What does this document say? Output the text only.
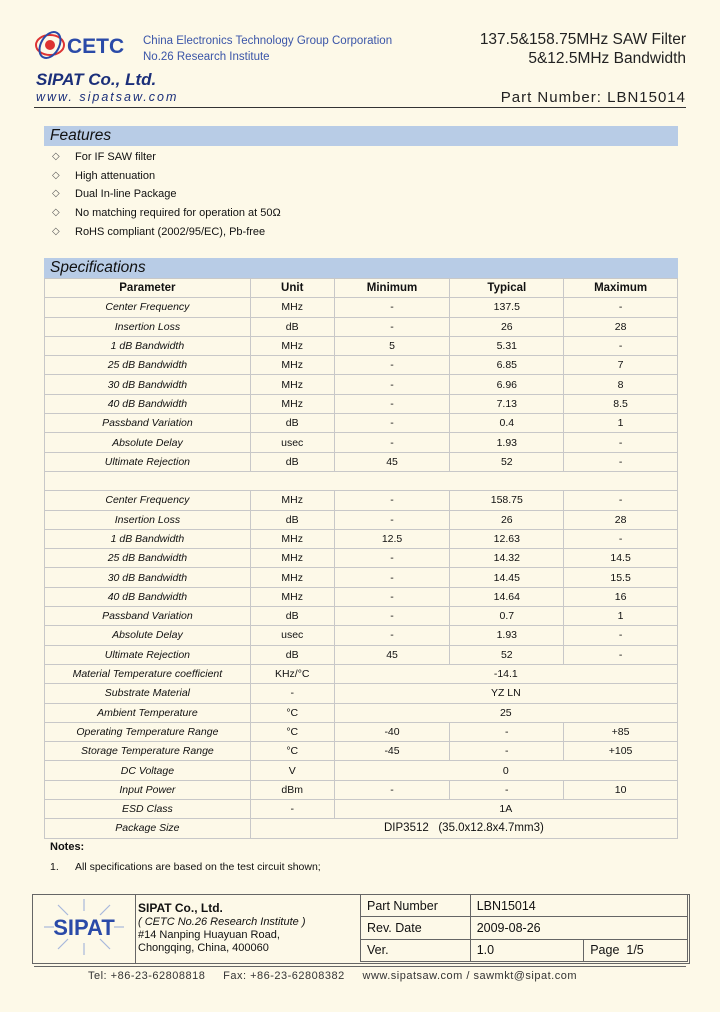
CETC China Electronics Technology Group Corporation
No.26 Research Institute
137.5&158.75MHz SAW Filter
5&12.5MHz Bandwidth
SIPAT Co., Ltd.
www. sipatsaw.com	Part Number: LBN15014
Features
◇ For IF SAW filter
◇ High attenuation
◇ Dual In-line Package
◇ No matching required for operation at 50Ω
◇ RoHS compliant (2002/95/EC), Pb-free
Specifications
Parameter	Unit	Minimum	Typical	Maximum
Center Frequency	MHz	-	137.5	-
Insertion Loss	dB	-	26	28
1 dB Bandwidth	MHz	5	5.31	-
25 dB Bandwidth	MHz	-	6.85	7
30 dB Bandwidth	MHz	-	6.96	8
40 dB Bandwidth	MHz	-	7.13	8.5
Passband Variation	dB	-	0.4	1
Absolute Delay	usec	-	1.93	-
Ultimate Rejection	dB	45	52	-

Center Frequency	MHz	-	158.75	-
Insertion Loss	dB	-	26	28
1 dB Bandwidth	MHz	12.5	12.63	-
25 dB Bandwidth	MHz	-	14.32	14.5
30 dB Bandwidth	MHz	-	14.45	15.5
40 dB Bandwidth	MHz	-	14.64	16
Passband Variation	dB	-	0.7	1
Absolute Delay	usec	-	1.93	-
Ultimate Rejection	dB	45	52	-
Material Temperature coefficient	KHz/°C	-14.1		
Substrate Material	-	YZ LN		
Ambient Temperature	°C	25		
Operating Temperature Range	°C	-40	-	+85
Storage Temperature Range	°C	-45	-	+105
DC Voltage	V	0		
Input Power	dBm	-	-	10
ESD Class	-	1A		
Package Size	DIP3512   (35.0x12.8x4.7mm3)			
Notes:
1. All specifications are based on the test circuit shown;
SIPAT
SIPAT Co., Ltd.
( CETC No.26 Research Institute )
#14 Nanping Huayuan Road,
Chongqing, China, 400060
Part Number	LBN15014	
Rev. Date	2009-08-26	
Ver.	1.0	Page 1/5
Tel: +86-23-62808818     Fax: +86-23-62808382     www.sipatsaw.com / sawmkt@sipat.com
